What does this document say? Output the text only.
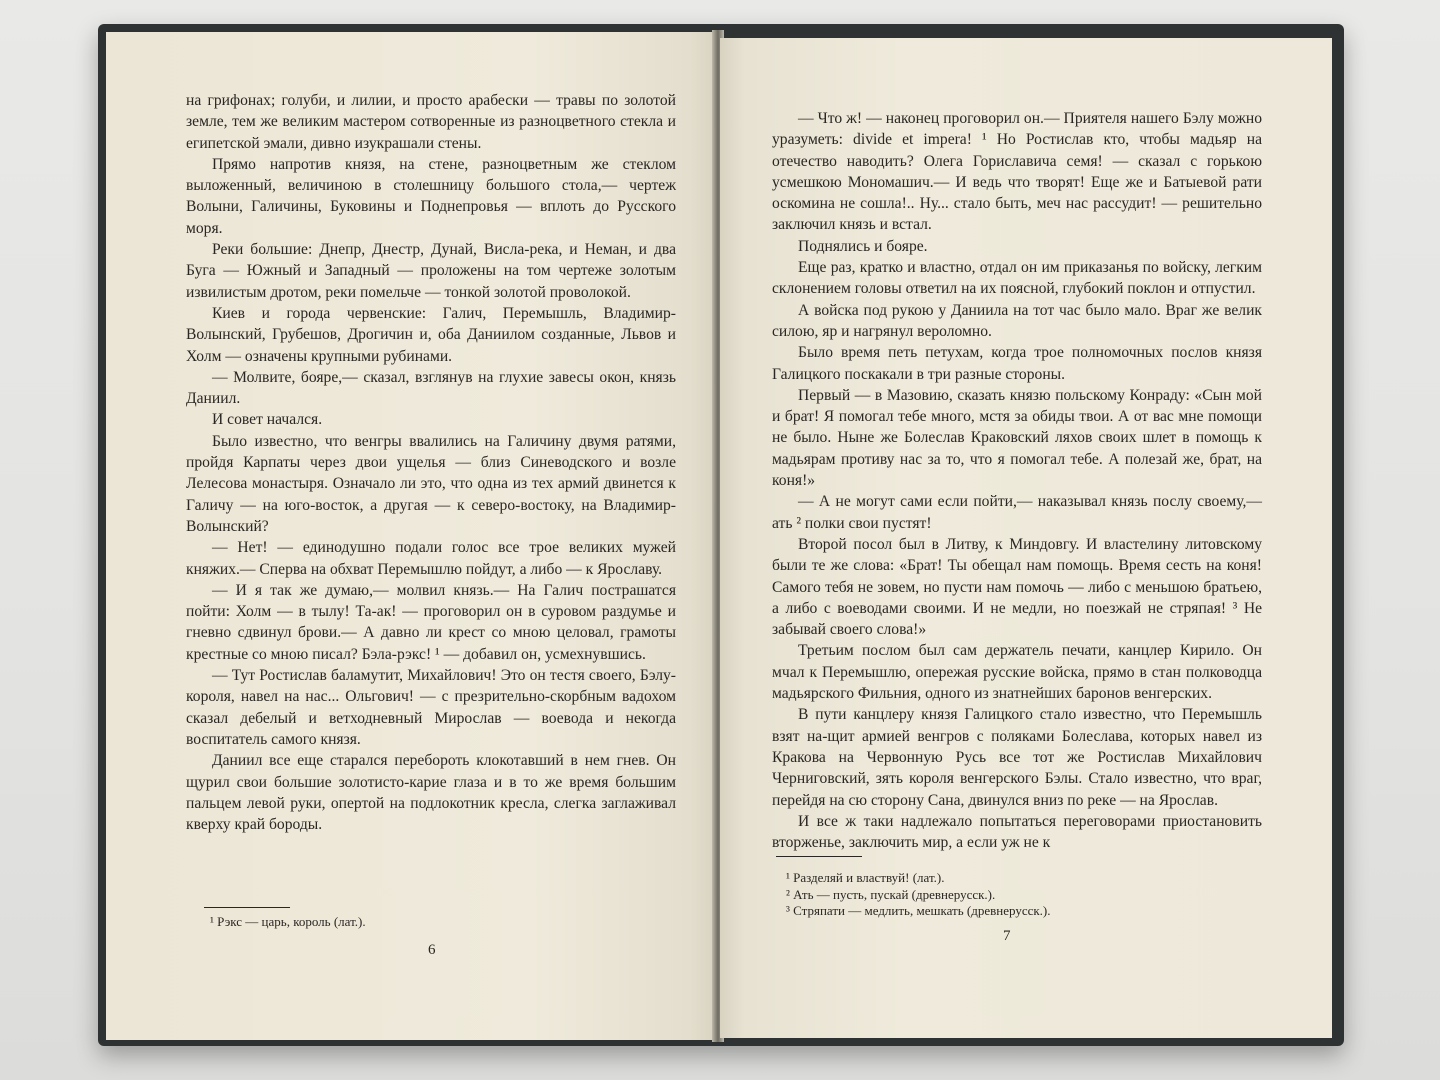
на грифонах; голуби, и лилии, и просто арабески — травы по золотой земле, тем же великим мастером сотворенные из разноцветного стекла и египетской эмали, дивно изукрашали стены.

Прямо напротив князя, на стене, разноцветным же стеклом выложенный, величиною в столешницу большого стола,— чертеж Волыни, Галичины, Буковины и Поднепровья — вплоть до Русского моря.

Реки большие: Днепр, Днестр, Дунай, Висла-река, и Неман, и два Буга — Южный и Западный — проложены на том чертеже золотым извилистым дротом, реки помельче — тонкой золотой проволокой.

Киев и города червенские: Галич, Перемышль, Владимир-Волынский, Грубешов, Дрогичин и, оба Даниилом созданные, Львов и Холм — означены крупными рубинами.

— Молвите, бояре,— сказал, взглянув на глухие завесы окон, князь Даниил.

И совет начался.

Было известно, что венгры ввалились на Галичину двумя ратями, пройдя Карпаты через двои ущелья — близ Синеводского и возле Лелесова монастыря. Означало ли это, что одна из тех армий двинется к Галичу — на юго-восток, а другая — к северо-востоку, на Владимир-Волынский?

— Нет! — единодушно подали голос все трое великих мужей княжих.— Сперва на обхват Перемышлю пойдут, а либо — к Ярославу.

— И я так же думаю,— молвил князь.— На Галич пострашатся пойти: Холм — в тылу! Та-ак! — проговорил он в суровом раздумье и гневно сдвинул брови.— А давно ли крест со мною целовал, грамоты крестные со мною писал? Бэла-рэкс! ¹ — добавил он, усмехнувшись.

— Тут Ростислав баламутит, Михайлович! Это он тестя своего, Бэлу-короля, навел на нас... Ольгович! — с презрительно-скорбным вадохом сказал дебелый и ветходневный Мирослав — воевода и некогда воспитатель самого князя.

Даниил все еще старался перебороть клокотавший в нем гнев. Он щурил свои большие золотисто-карие глаза и в то же время большим пальцем левой руки, опертой на подлокотник кресла, слегка заглаживал кверху край бороды.

¹ Рэкс — царь, король (лат.).
6

— Что ж! — наконец проговорил он.— Приятеля нашего Бэлу можно уразуметь: divide et impera! ¹ Но Ростислав кто, чтобы мадьяр на отечество наводить? Олега Гориславича семя! — сказал с горькою усмешкою Мономашич.— И ведь что творят! Еще же и Батыевой рати оскомина не сошла!.. Ну... стало быть, меч нас рассудит! — решительно заключил князь и встал.

Поднялись и бояре.

Еще раз, кратко и властно, отдал он им приказанья по войску, легким склонением головы ответил на их поясной, глубокий поклон и отпустил.

А войска под рукою у Даниила на тот час было мало. Враг же велик силою, яр и нагрянул вероломно.

Было время петь петухам, когда трое полномочных послов князя Галицкого поскакали в три разные стороны.

Первый — в Мазовию, сказать князю польскому Конраду: «Сын мой и брат! Я помогал тебе много, мстя за обиды твои. А от вас мне помощи не было. Ныне же Болеслав Краковский ляхов своих шлет в помощь к мадьярам противу нас за то, что я помогал тебе. А полезай же, брат, на коня!»

— А не могут сами если пойти,— наказывал князь послу своему,— ать ² полки свои пустят!

Второй посол был в Литву, к Миндовгу. И властелину литовскому были те же слова: «Брат! Ты обещал нам помощь. Время сесть на коня! Самого тебя не зовем, но пусти нам помочь — либо с меньшою братьею, а либо с воеводами своими. И не медли, но поезжай не стряпая! ³ Не забывай своего слова!»

Третьим послом был сам держатель печати, канцлер Кирило. Он мчал к Перемышлю, опережая русские войска, прямо в стан полководца мадьярского Фильния, одного из знатнейших баронов венгерских.

В пути канцлеру князя Галицкого стало известно, что Перемышль взят на-щит армией венгров с поляками Болеслава, которых навел из Кракова на Червонную Русь все тот же Ростислав Михайлович Черниговский, зять короля венгерского Бэлы. Стало известно, что враг, перейдя на сю сторону Сана, двинулся вниз по реке — на Ярослав.

И все ж таки надлежало попытаться переговорами приостановить вторженье, заключить мир, а если уж не к

¹ Разделяй и властвуй! (лат.).
² Ать — пусть, пускай (древнерусск.).
³ Стряпати — медлить, мешкать (древнерусск.).
7
